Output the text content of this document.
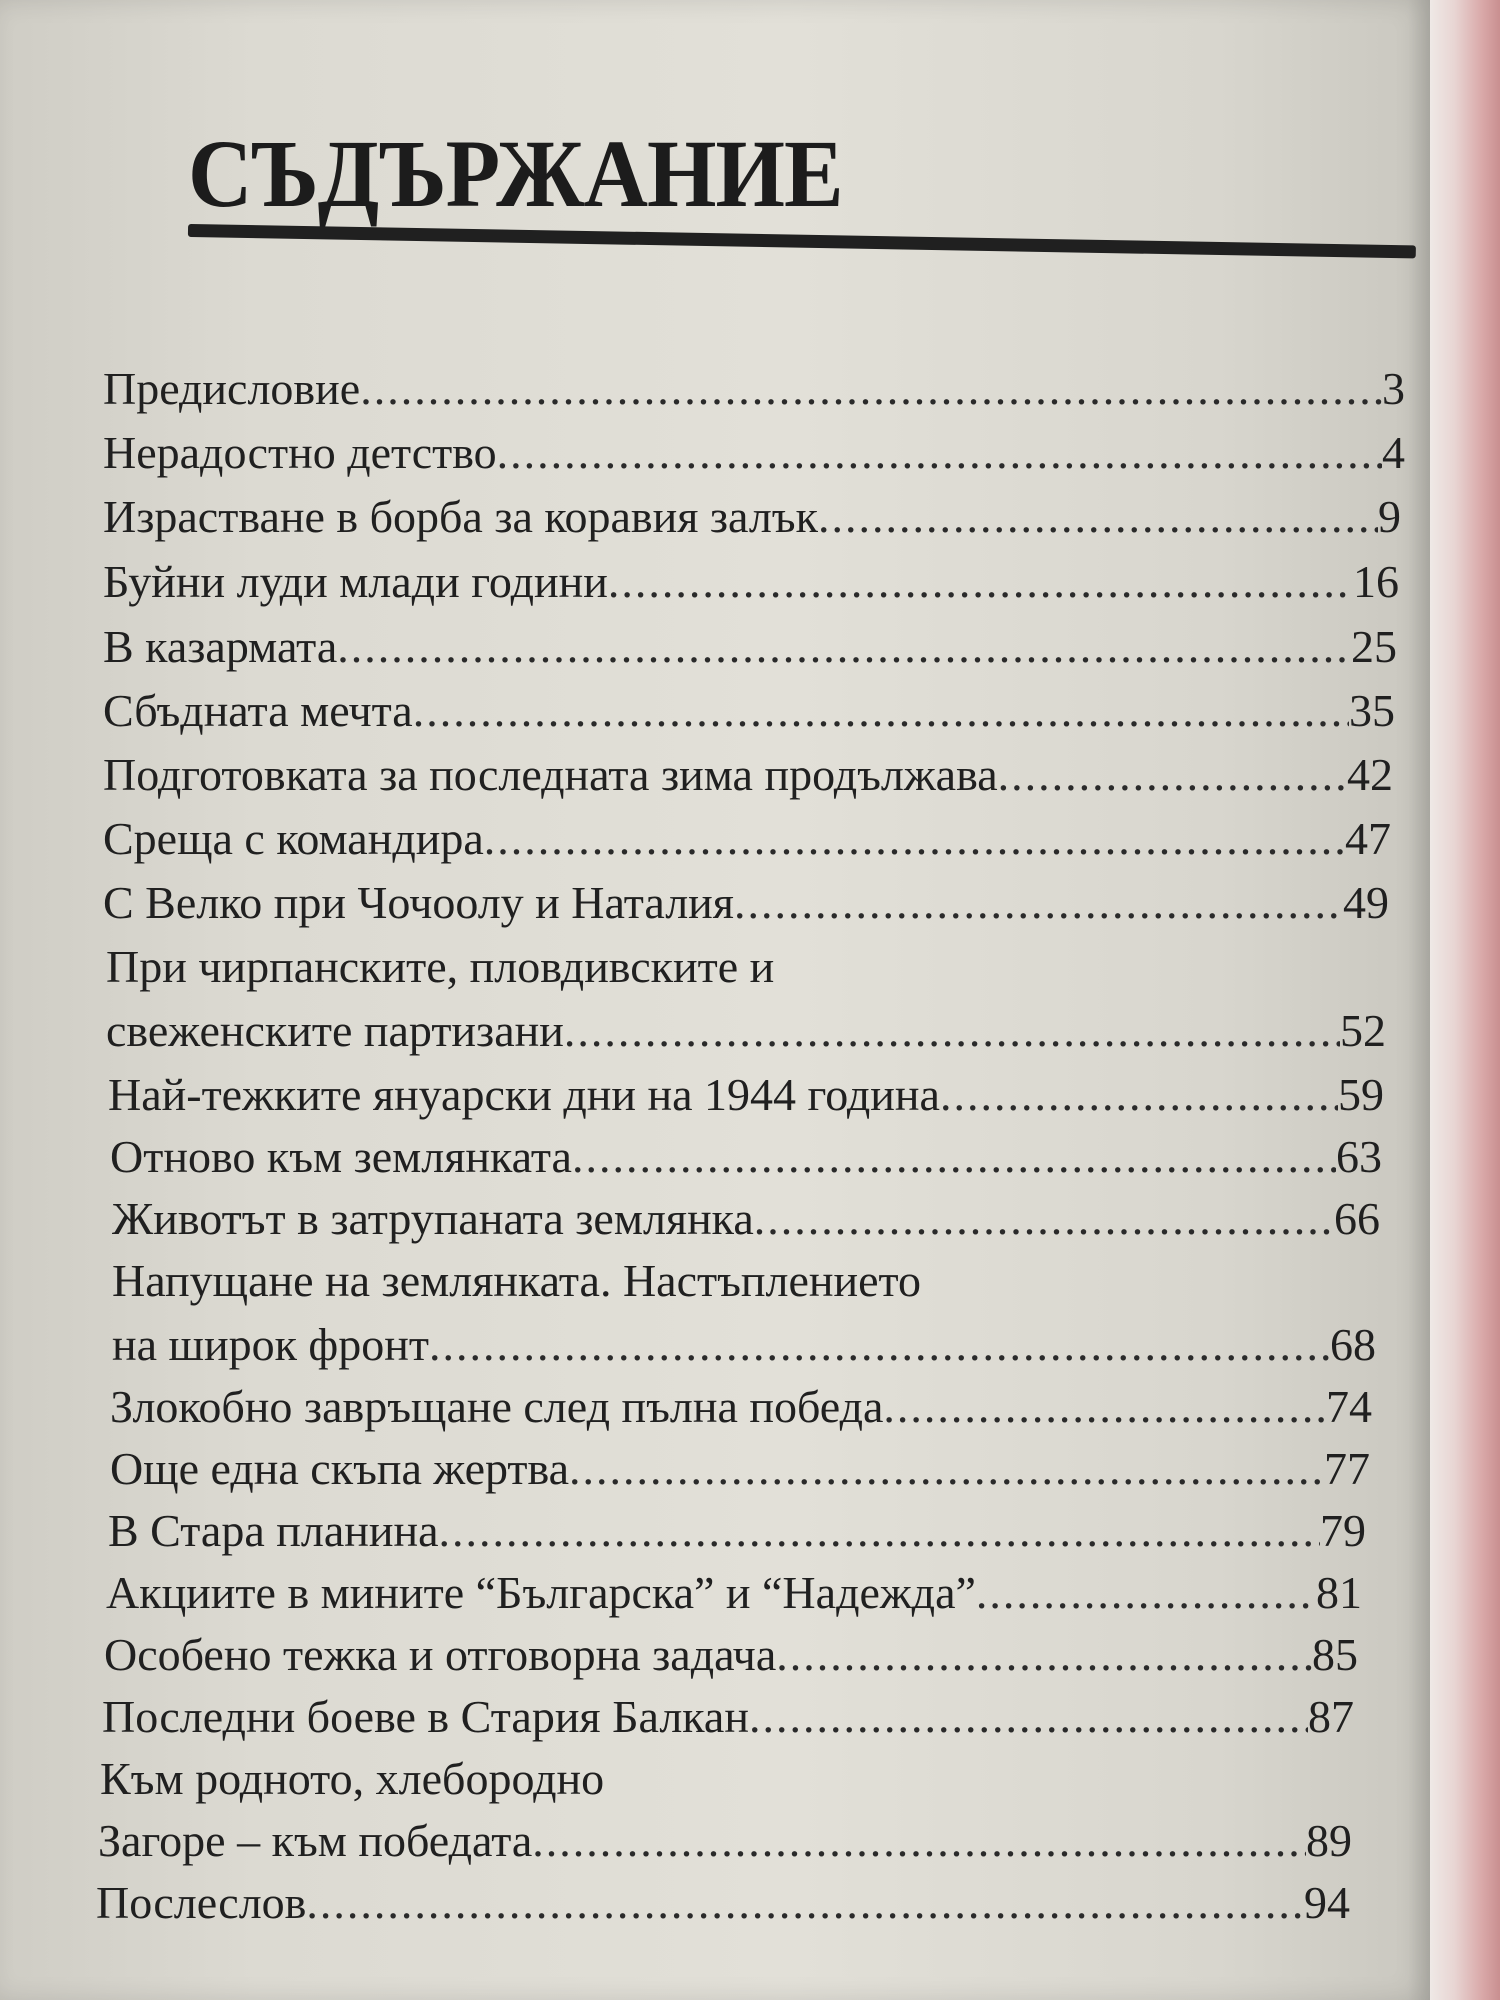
СЪДЪРЖАНИЕ
Предисловие .....	3
Нерадостно детство .....	4
Израстване в борба за коравия залък .....	9
Буйни луди млади години .....	16
В казармата .....	25
Сбъдната мечта .....	35
Подготовката за последната зима продължава .....	42
Среща с командира .....	47
С Велко при Чочоолу и Наталия .....	49
При чирпанските, пловдивските и
свеженските партизани .....	52
Най-тежките януарски дни на 1944 година .....	59
Отново към землянката .....	63
Животът в затрупаната землянка .....	66
Напущане на землянката. Настъплението
на широк фронт .....	68
Злокобно завръщане след пълна победа .....	74
Още една скъпа жертва .....	77
В Стара планина .....	79
Акциите в мините “Българска” и “Надежда” .....	81
Особено тежка и отговорна задача .....	85
Последни боеве в Стария Балкан .....	87
Към родното, хлебородно
Загоре – към победата .....	89
Послеслов .....	94
